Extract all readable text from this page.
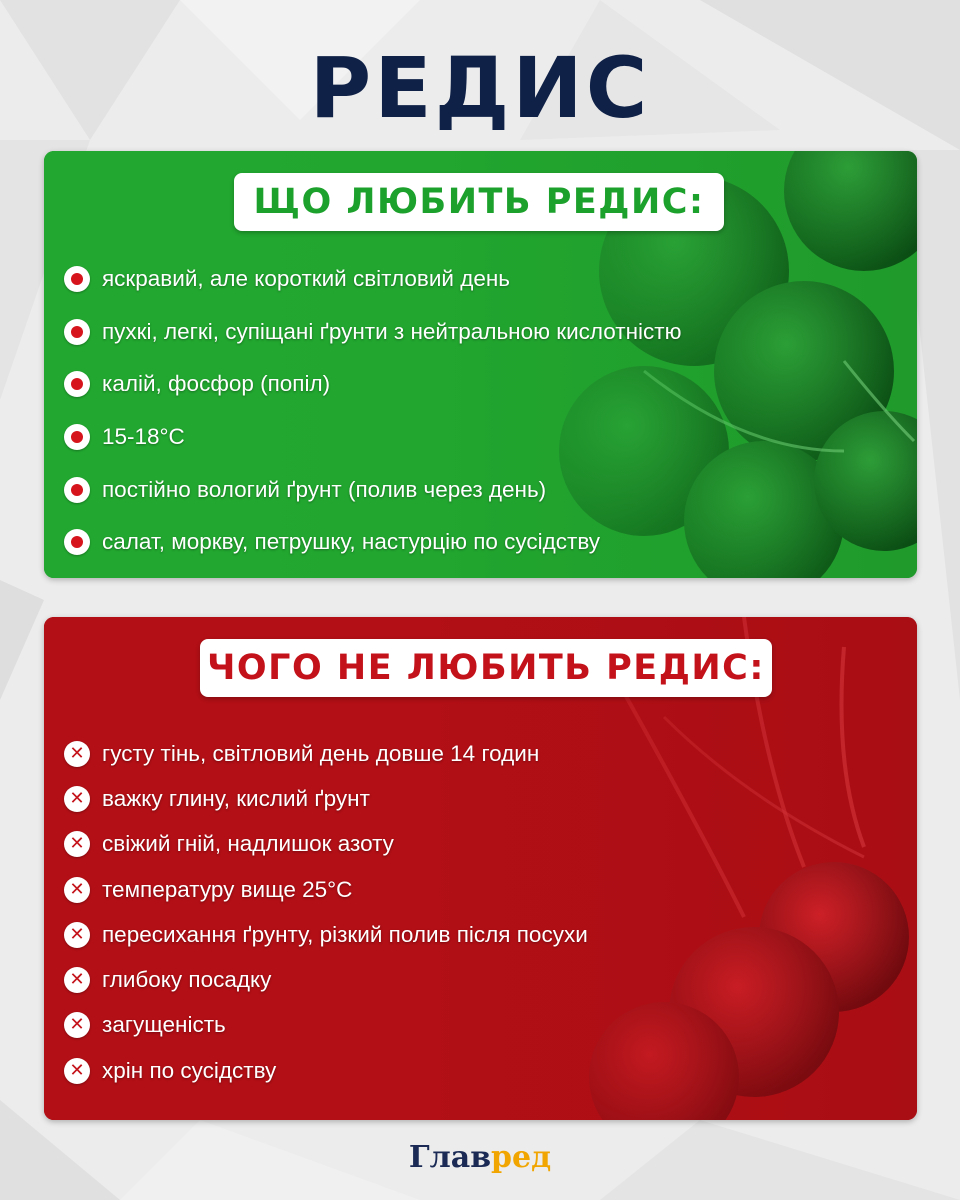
РЕДИС
ЩО ЛЮБИТЬ РЕДИС:
яскравий, але короткий світловий день
пухкі, легкі, супіщані ґрунти з нейтральною кислотністю
калій, фосфор (попіл)
15-18°С
постійно вологий ґрунт (полив через день)
салат, моркву, петрушку, настурцію по сусідству
ЧОГО НЕ ЛЮБИТЬ РЕДИС:
✕ густу тінь, світловий день довше 14 годин
✕ важку глину, кислий ґрунт
✕ свіжий гній, надлишок азоту
✕ температуру вище 25°С
✕ пересихання ґрунту, різкий полив після посухи
✕ глибоку посадку
✕ загущеність
✕ хрін по сусідству
Главред
